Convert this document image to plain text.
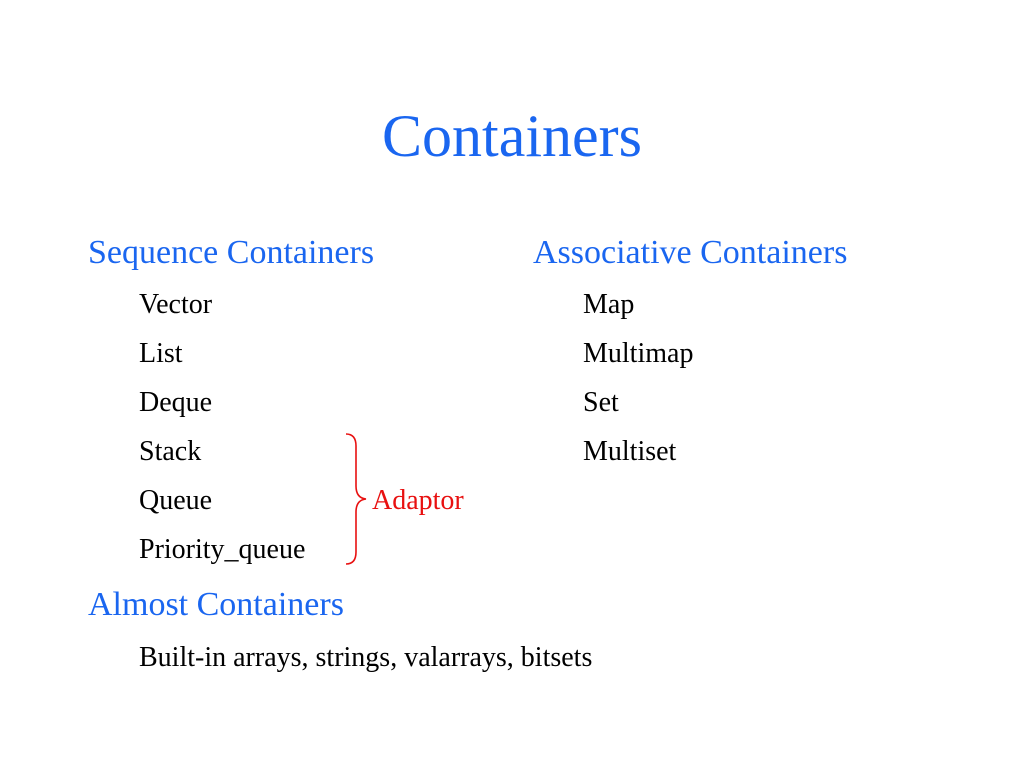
Containers
Sequence Containers
Vector
List
Deque
Stack
Queue
Priority_queue
Adaptor
Associative Containers
Map
Multimap
Set
Multiset
Almost Containers
Built-in arrays, strings, valarrays, bitsets
